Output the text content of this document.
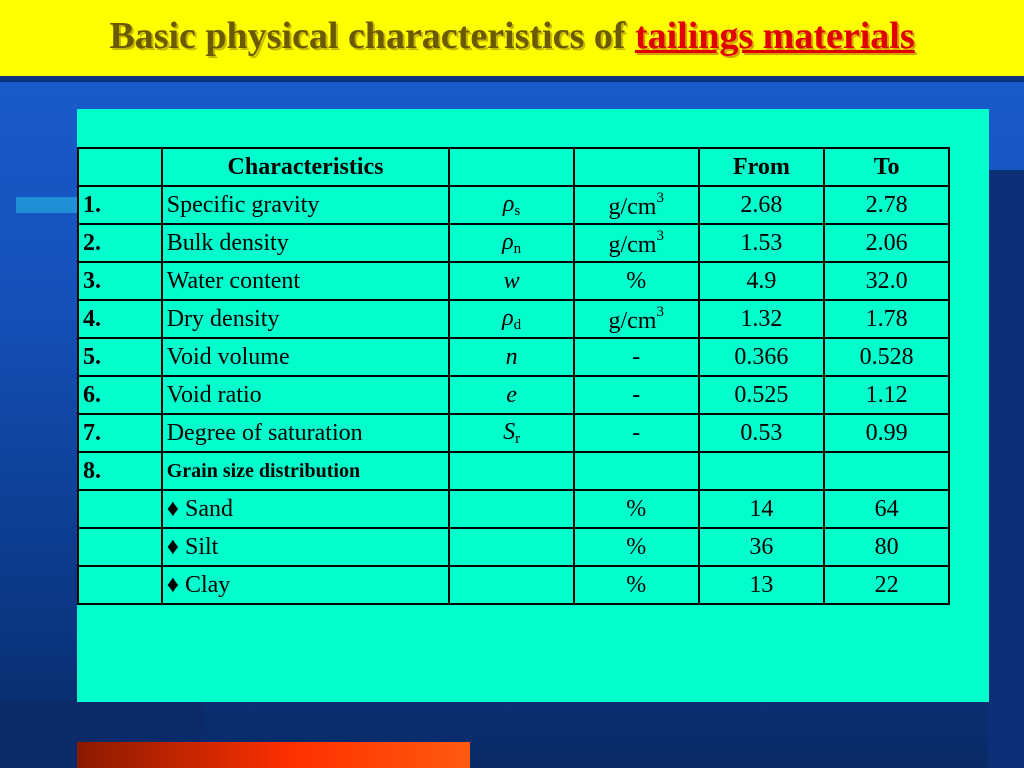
Basic physical characteristics of tailings materials
	Characteristics			From	To
1.	Specific gravity	$\rho_s$	$g/cm^3$	2.68	2.78
2.	Bulk density	$\rho_n$	$g/cm^3$	1.53	2.06
3.	Water content	w	%	4.9	32.0
4.	Dry density	$\rho_d$	$g/cm^3$	1.32	1.78
5.	Void volume	n	-	0.366	0.528
6.	Void ratio	e	-	0.525	1.12
7.	Degree of saturation	$S_r$	-	0.53	0.99
8.	Grain size distribution				
	♦ Sand		%	14	64
	♦ Silt		%	36	80
	♦ Clay		%	13	22
